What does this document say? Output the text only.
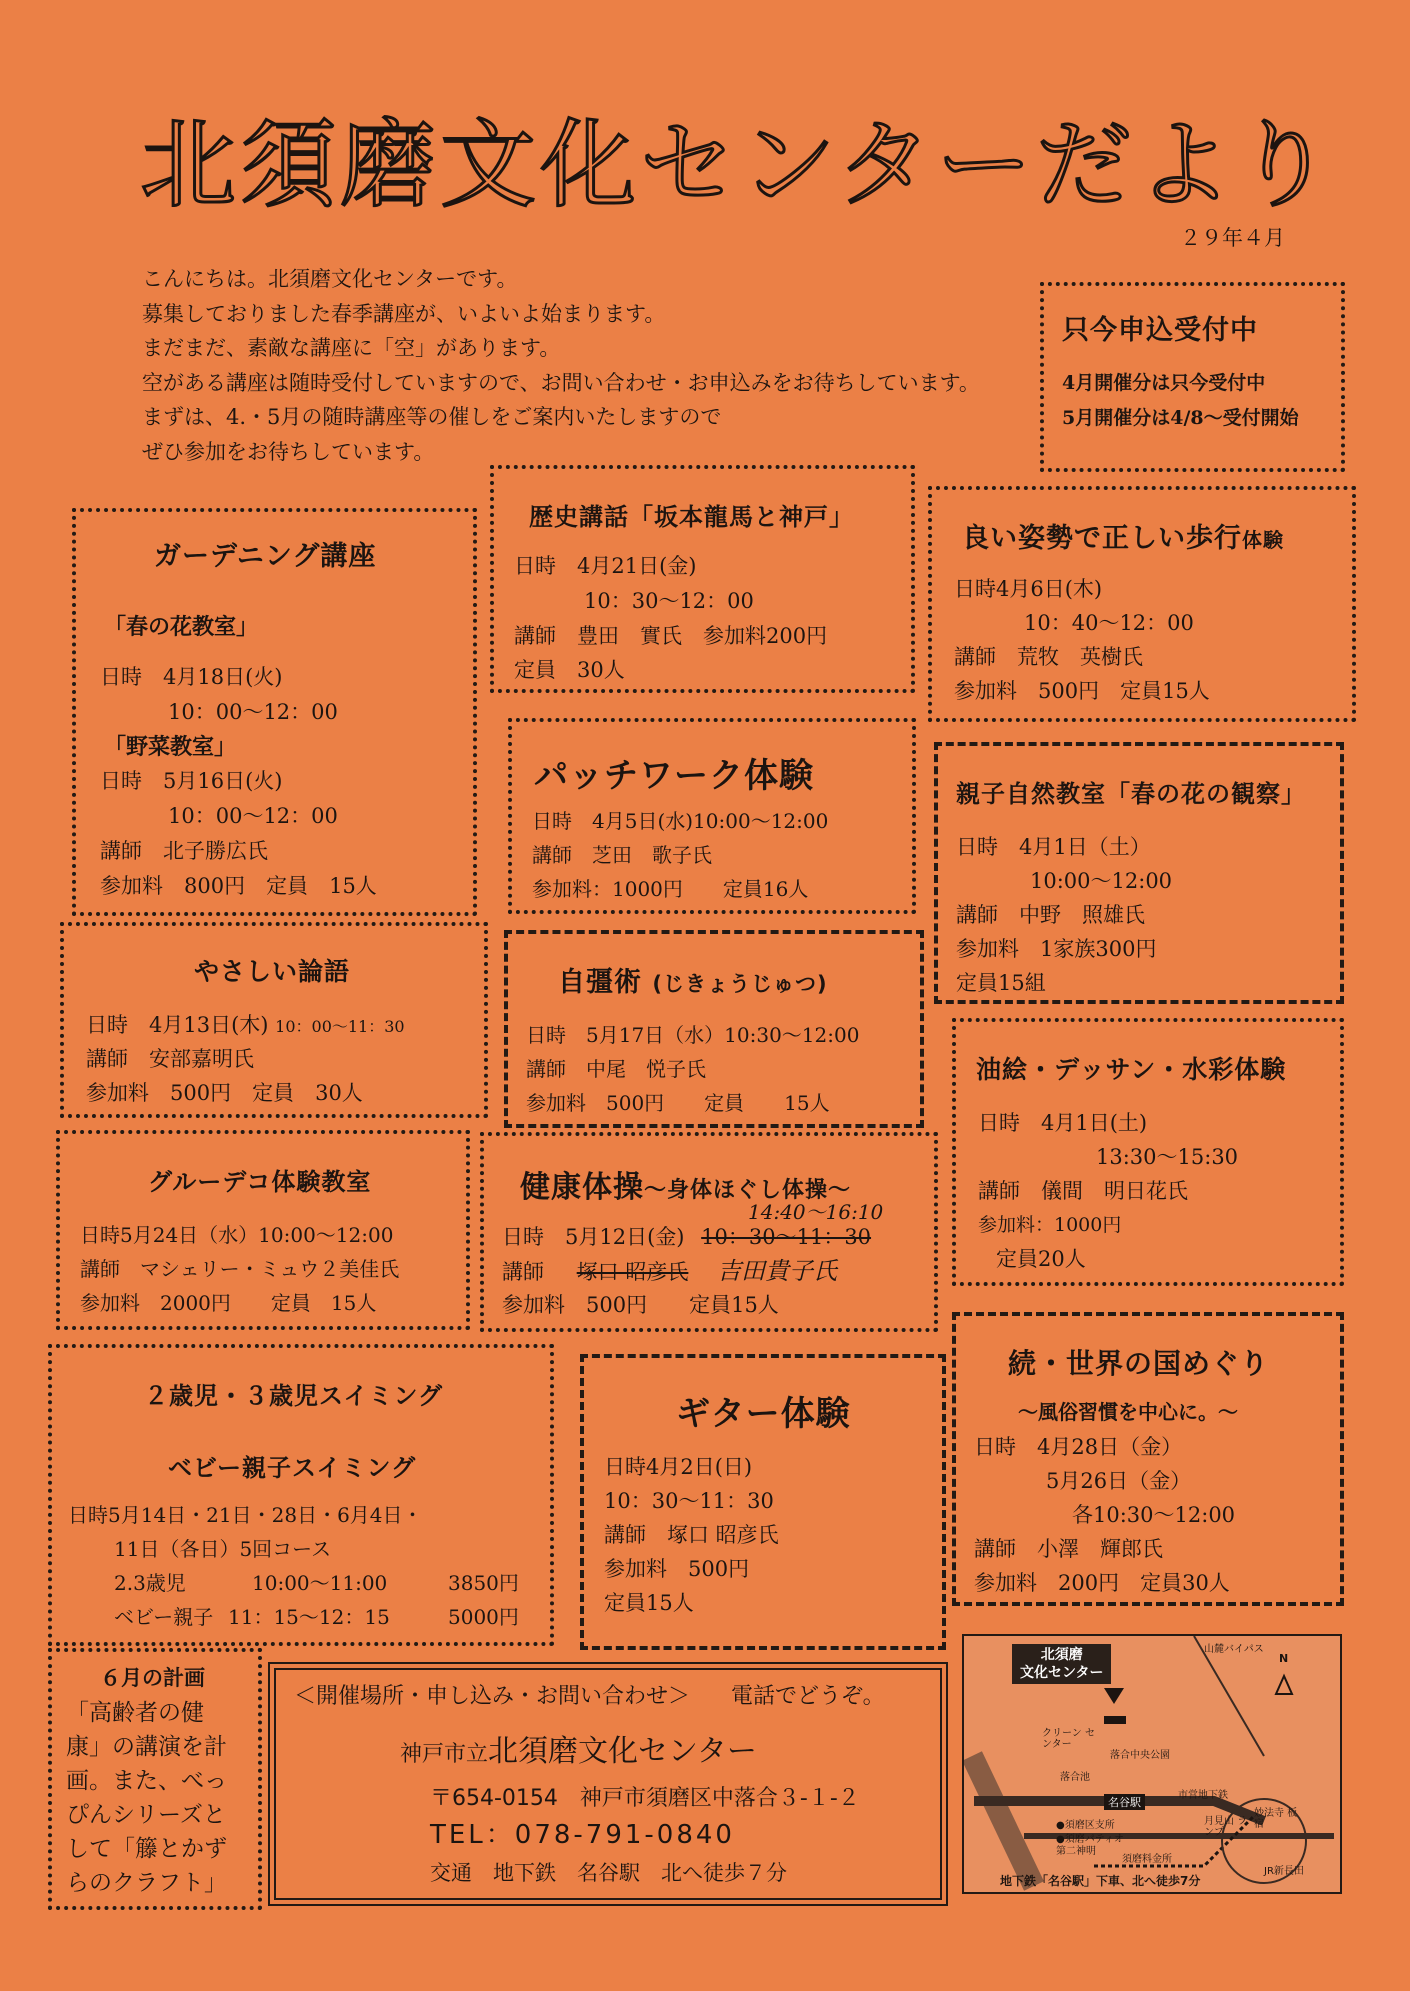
北須磨文化センターだより
２９年４月
こんにちは。北須磨文化センターです。
募集しておりました春季講座が、いよいよ始まります。
まだまだ、素敵な講座に「空」があります。
空がある講座は随時受付していますので、お問い合わせ・お申込みをお待ちしています。
まずは、4.・5月の随時講座等の催しをご案内いたしますので
ぜひ参加をお待ちしています。
只今申込受付中
4月開催分は只今受付中
5月開催分は4/8～受付開始
ガーデニング講座
「春の花教室」
日時　4月18日(火)
10：00～12：00
「野菜教室」
日時　5月16日(火)
10：00～12：00
講師　北子勝広氏
参加料　800円　定員　15人
歴史講話「坂本龍馬と神戸」
日時　4月21日(金)
10：30～12：00
講師　豊田　實氏　参加料200円
定員　30人
良い姿勢で正しい歩行体験
日時4月6日(木)
10：40～12：00
講師　荒牧　英樹氏
参加料　500円　定員15人
パッチワーク体験
日時　4月5日(水)10:00～12:00
講師　芝田　歌子氏
参加料：1000円　　定員16人
親子自然教室「春の花の観察」
日時　4月1日（土）
10:00～12:00
講師　中野　照雄氏
参加料　1家族300円
定員15組
やさしい論語
日時　4月13日(木) 10：00～11：30
講師　安部嘉明氏
参加料　500円　定員　30人
自彊術 (じきょうじゅつ)
日時　5月17日（水）10:30～12:00
講師　中尾　悦子氏
参加料　500円　　定員　　15人
油絵・デッサン・水彩体験
日時　4月1日(土)
13:30～15:30
講師　儀間　明日花氏
参加料：1000円
定員20人
グルーデコ体験教室
日時5月24日（水）10:00～12:00
講師　マシェリー・ミュウ２美佳氏
参加料　2000円　　定員　15人
健康体操～身体ほぐし体操～
14:40～16:10
日時　5月12日(金) 10：30～11：30
講師 塚口 昭彦氏 吉田貴子氏
参加料　500円　　定員15人
続・世界の国めぐり
～風俗習慣を中心に。～
日時　4月28日（金）
5月26日（金）
各10:30～12:00
講師　小澤　輝郎氏
参加料　200円　定員30人
２歳児・３歳児スイミング
ベビー親子スイミング
日時5月14日・21日・28日・6月4日・
11日（各日）5回コース
2.3歳児	10:00～11:00	3850円
ベビー親子 11：15～12：15	5000円
ギター体験
日時4月2日(日)
10：30～11：30
講師　塚口 昭彦氏
参加料　500円
定員15人
６月の計画
「高齢者の健
康」の講演を計
画。また、べっ
ぴんシリーズと
して「籐とかず
らのクラフト」
＜開催場所・申し込み・お問い合わせ＞ 電話でどうぞ。
神戸市立北須磨文化センター
〒654-0154　神戸市須磨区中落合３-１-２
TEL：078-791-0840
交通　地下鉄　名谷駅　北へ徒歩７分
北須磨
文化センター
山麓バイパス
N
クリーン センター
落合中央公園
落合池
名谷駅
市営地下鉄
●須磨区支所
●須磨パティオ
第二神明
須磨料金所
月見山 ランプ
妙法寺 板宿
JR新長田
地下鉄「名谷駅」下車、北へ徒歩7分
